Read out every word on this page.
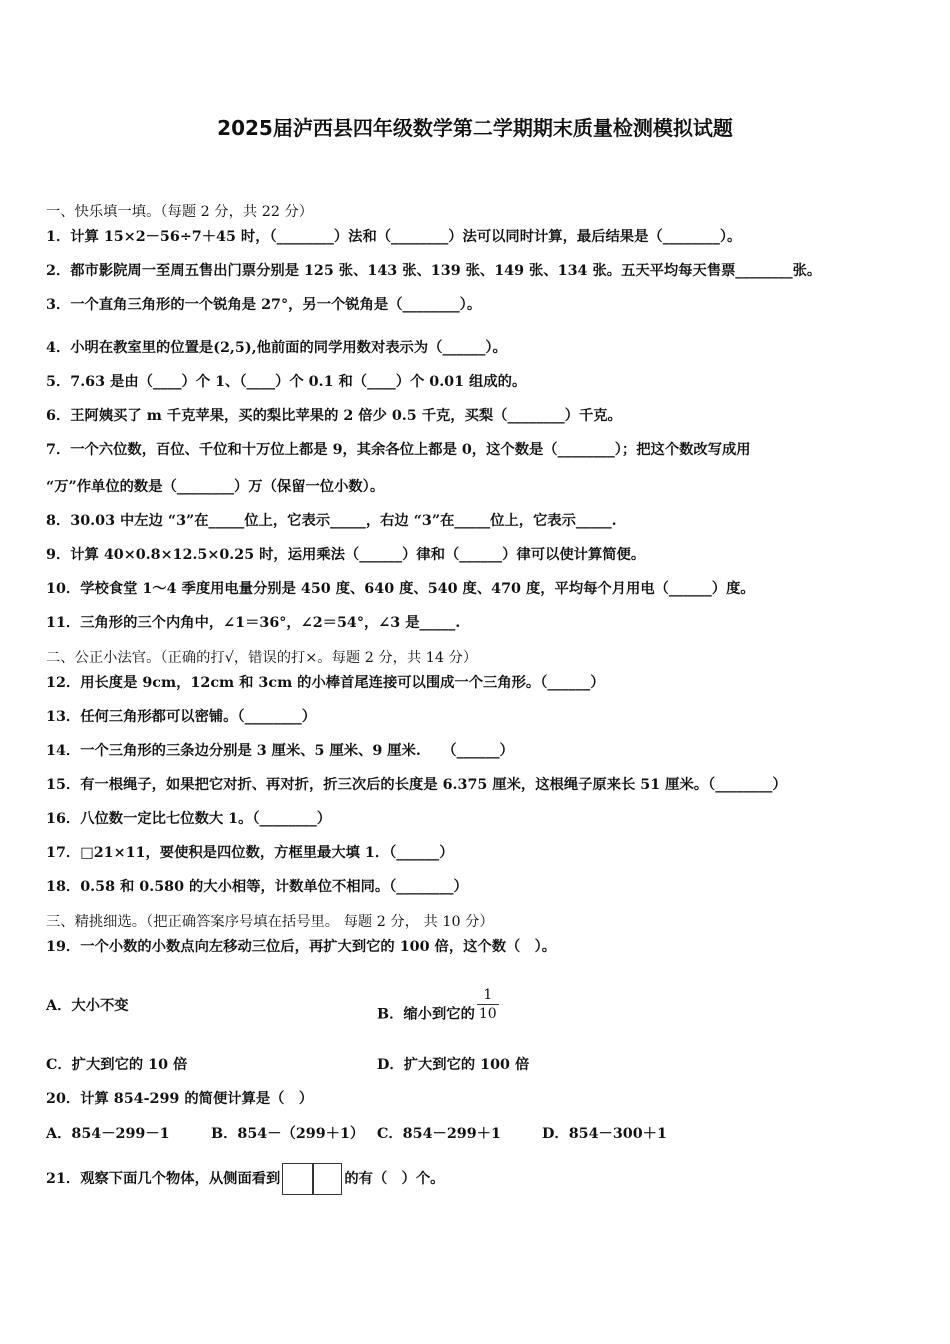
2025届泸西县四年级数学第二学期期末质量检测模拟试题
一、快乐填一填。（每题 2 分，共 22 分）
1．计算 15×2－56÷7＋45 时，（________）法和（________）法可以同时计算，最后结果是（________）。
2．都市影院周一至周五售出门票分别是 125 张、143 张、139 张、149 张、134 张。五天平均每天售票________张。
3．一个直角三角形的一个锐角是 27°，另一个锐角是（________）。
4．小明在教室里的位置是(2,5),他前面的同学用数对表示为（______）。
5．7.63 是由（____）个 1、（____）个 0.1 和（____）个 0.01 组成的。
6．王阿姨买了 m 千克苹果，买的梨比苹果的 2 倍少 0.5 千克，买梨（________）千克。
7．一个六位数，百位、千位和十万位上都是 9，其余各位上都是 0，这个数是（________）；把这个数改写成用
“万”作单位的数是（________）万（保留一位小数）。
8．30.03 中左边 “3”在_____位上，它表示_____，右边 “3”在_____位上，它表示_____.
9．计算 40×0.8×12.5×0.25 时，运用乘法（______）律和（______）律可以使计算简便。
10．学校食堂 1～4 季度用电量分别是 450 度、640 度、540 度、470 度，平均每个月用电（______）度。
11．三角形的三个内角中，∠1＝36°，∠2＝54°，∠3 是_____.
二、公正小法官。（正确的打√，错误的打×。每题 2 分，共 14 分）
12．用长度是 9cm，12cm 和 3cm 的小棒首尾连接可以围成一个三角形。（______）
13．任何三角形都可以密铺。（________）
14．一个三角形的三条边分别是 3 厘米、5 厘米、9 厘米.　　（______）
15．有一根绳子，如果把它对折、再对折，折三次后的长度是 6.375 厘米，这根绳子原来长 51 厘米。（________）
16．八位数一定比七位数大 1。（________）
17．□21×11，要使积是四位数，方框里最大填 1．（______）
18．0.58 和 0.580 的大小相等，计数单位不相同。（________）
三、精挑细选。（把正确答案序号填在括号里。 每题 2 分， 共 10 分）
19．一个小数的小数点向左移动三位后，再扩大到它的 100 倍，这个数（　）。
A．大小不变
B．缩小到它的 $\frac{1}{10}$
C．扩大到它的 10 倍	D．扩大到它的 100 倍
20．计算 854-299 的简便计算是（　）
A．854－299－1	B．854－（299＋1） C．854－299＋1	D．854－300＋1
21．观察下面几个物体，从侧面看到	的有（　）个。
